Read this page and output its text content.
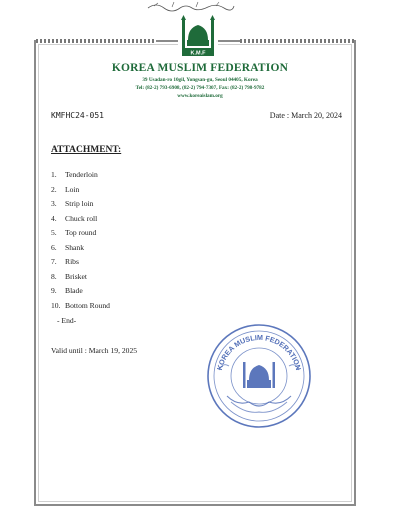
K.M.F
KOREA MUSLIM FEDERATION
39 Usadan-ro 10gil, Yongsan-gu, Seoul 04405, Korea
Tel: (82-2) 793-6908, (82-2) 794-7307, Fax: (82-2) 798-9782
www.koreaislam.org
KMFHC24-051	Date : March 20, 2024
ATTACHMENT:
1.	Tenderloin
2.	Loin
3.	Strip loin
4.	Chuck roll
5.	Top round
6.	Shank
7.	Ribs
8.	Brisket
9.	Blade
10. Bottom Round
- End-
Valid until : March 19, 2025
KOREA MUSLIM FEDERATION
